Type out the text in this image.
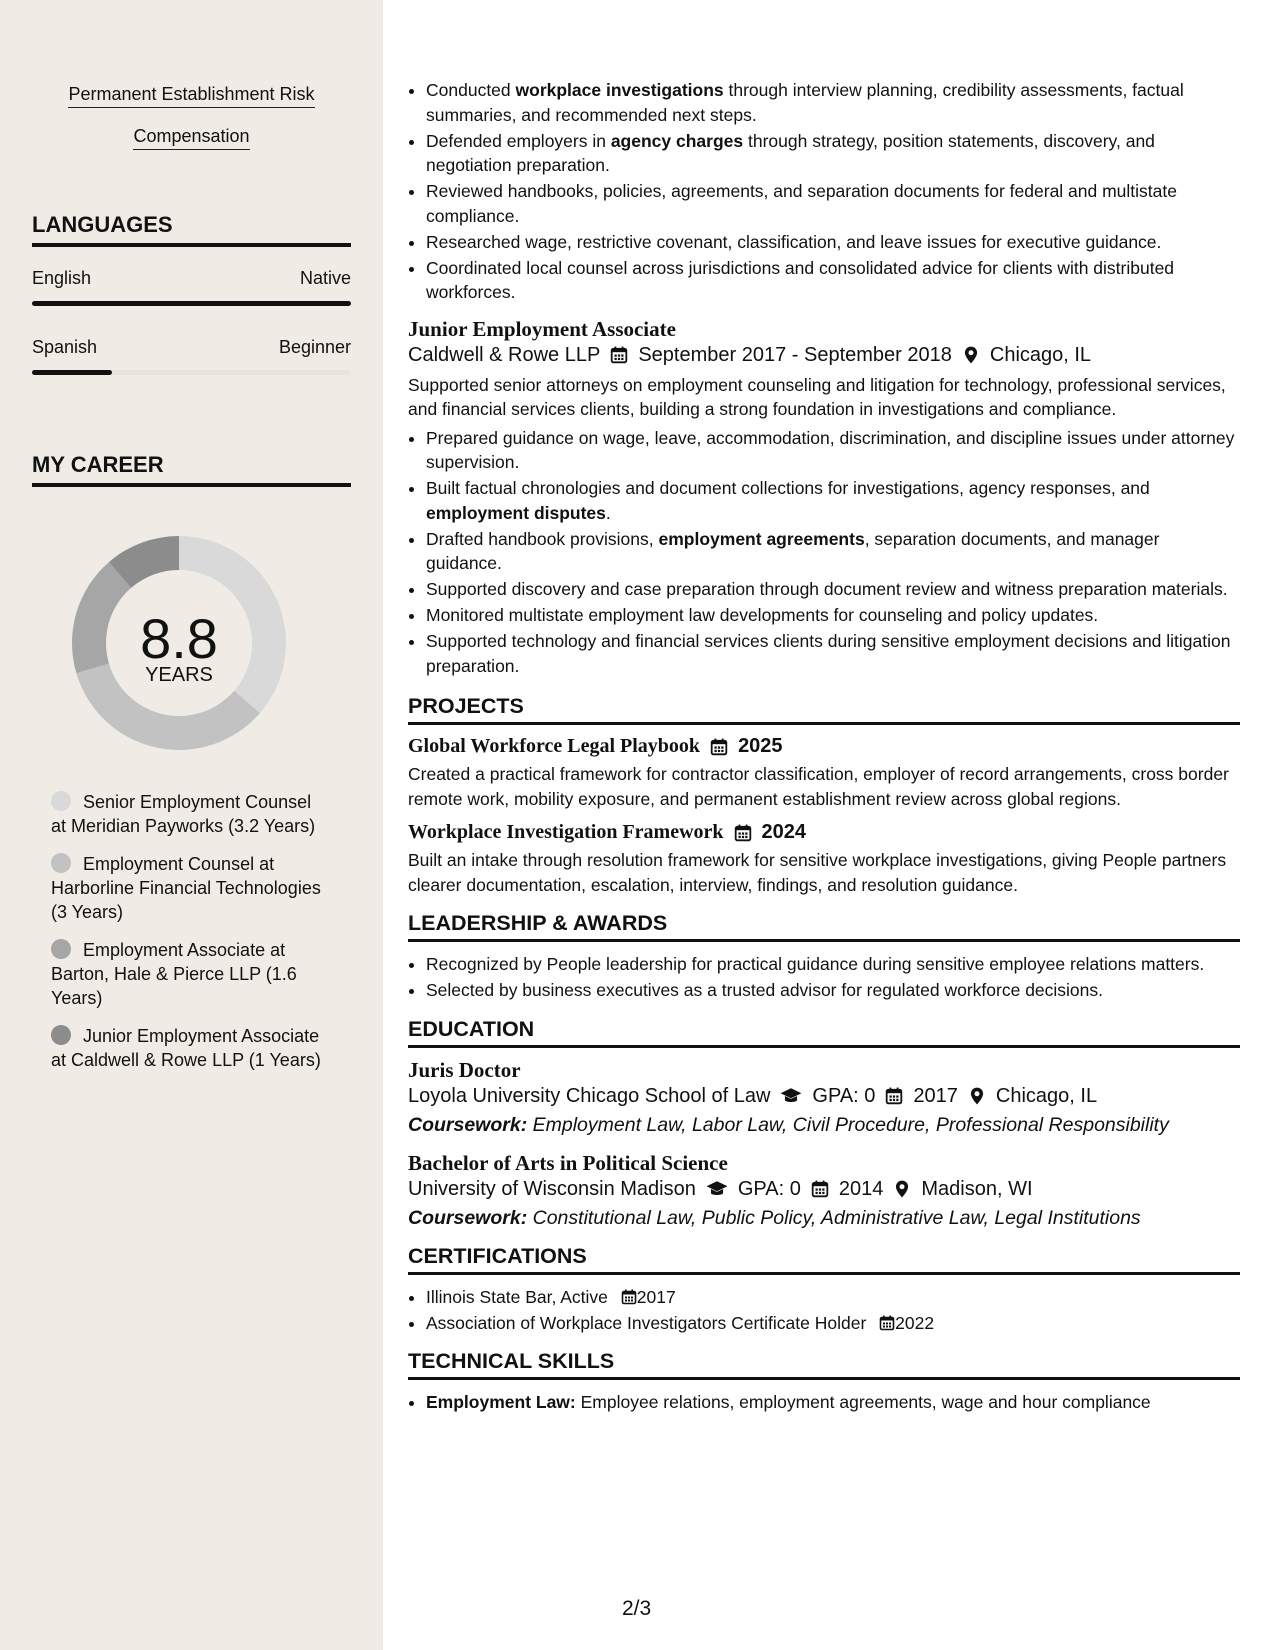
Permanent Establishment Risk
Compensation
LANGUAGES
English	Native
Spanish	Beginner
MY CAREER
8.8
YEARS
Senior Employment Counsel at Meridian Payworks (3.2 Years)
Employment Counsel at Harborline Financial Technologies (3 Years)
Employment Associate at Barton, Hale & Pierce LLP (1.6 Years)
Junior Employment Associate at Caldwell & Rowe LLP (1 Years)
• Conducted workplace investigations through interview planning, credibility assessments, factual summaries, and recommended next steps.
• Defended employers in agency charges through strategy, position statements, discovery, and negotiation preparation.
• Reviewed handbooks, policies, agreements, and separation documents for federal and multistate compliance.
• Researched wage, restrictive covenant, classification, and leave issues for executive guidance.
• Coordinated local counsel across jurisdictions and consolidated advice for clients with distributed workforces.
Junior Employment Associate
Caldwell & Rowe LLP September 2017 - September 2018 Chicago, IL

Supported senior attorneys on employment counseling and litigation for technology, professional services, and financial services clients, building a strong foundation in investigations and compliance.

• Prepared guidance on wage, leave, accommodation, discrimination, and discipline issues under attorney supervision.
• Built factual chronologies and document collections for investigations, agency responses, and employment disputes.
• Drafted handbook provisions, employment agreements, separation documents, and manager guidance.
• Supported discovery and case preparation through document review and witness preparation materials.
• Monitored multistate employment law developments for counseling and policy updates.
• Supported technology and financial services clients during sensitive employment decisions and litigation preparation.
PROJECTS
Global Workforce Legal Playbook 2025

Created a practical framework for contractor classification, employer of record arrangements, cross border remote work, mobility exposure, and permanent establishment review across global regions.

Workplace Investigation Framework 2024

Built an intake through resolution framework for sensitive workplace investigations, giving People partners clearer documentation, escalation, interview, findings, and resolution guidance.

LEADERSHIP & AWARDS
• Recognized by People leadership for practical guidance during sensitive employee relations matters.
• Selected by business executives as a trusted advisor for regulated workforce decisions.
EDUCATION
Juris Doctor
Loyola University Chicago School of Law GPA: 0 2017 Chicago, IL
Coursework: Employment Law, Labor Law, Civil Procedure, Professional Responsibility
Bachelor of Arts in Political Science
University of Wisconsin Madison GPA: 0 2014 Madison, WI
Coursework: Constitutional Law, Public Policy, Administrative Law, Legal Institutions
CERTIFICATIONS
• Illinois State Bar, Active 2017
• Association of Workplace Investigators Certificate Holder 2022
TECHNICAL SKILLS
• Employment Law: Employee relations, employment agreements, wage and hour compliance
2/3
